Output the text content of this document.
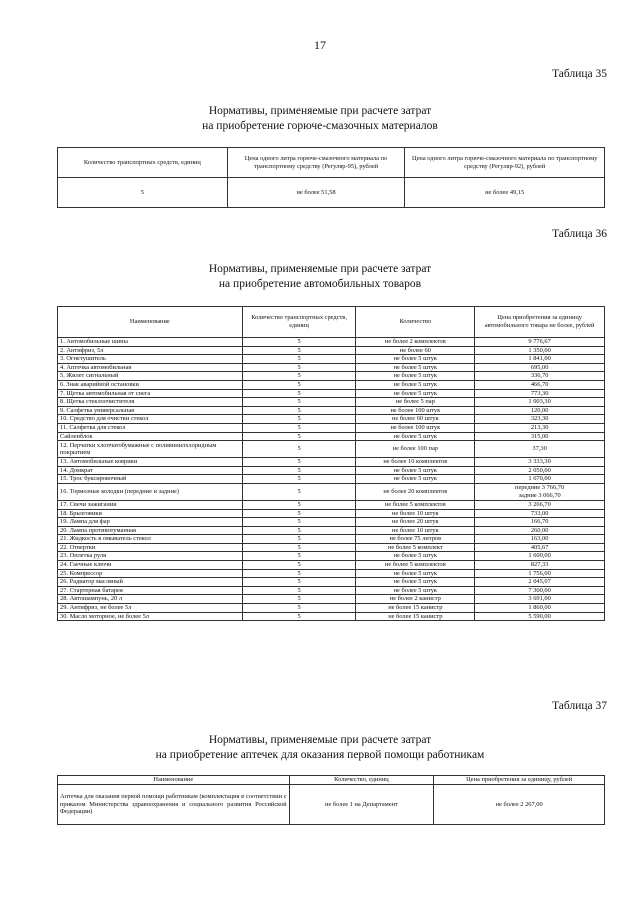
17
Таблица 35
Нормативы, применяемые при расчете затрат
на приобретение горюче-смазочных материалов
Количество транспортных средств, единиц	Цена одного литра горюче-смазочного материала по транспортному средству (Регуляр-95), рублей	Цена одного литра горюче-смазочного материала по транспортному средству (Регуляр-92), рублей
5	не более 51,58	не более 49,15
Таблица 36
Нормативы, применяемые при расчете затрат
на приобретение автомобильных товаров
Наименование	Количество транспортных средств, единиц	Количество	Цена приобретения за единицу автомобильного товара не более, рублей
1. Автомобильные шины	5	не более 2 комплектов	9 776,67
2. Антифриз, 5л	5	не более 60	1 350,00
3. Огнетушитель	5	не более 5 штук	1 841,00
4. Аптечка автомобильная	5	не более 5 штук	695,00
5. Жилет сигнальный	5	не более 5 штук	336,70
6. Знак аварийной остановки	5	не более 5 штук	466,70
7. Щетка автомобильная от снега	5	не более 5 штук	773,30
8. Щетка стеклоочистителя	5	не более 5 пар	1 003,30
9. Салфетка универсальная	5	не более 100 штук	120,00
10. Средство для очистки стекол	5	не более 60 штук	323,30
11. Салфетка для стекол	5	не более 100 штук	213,30
Сайленблок	5	не более 5 штук	315,00
12. Перчатки хлопчатобумажные с поливинилхлоридным покрытием	5	не более 100 пар	37,30
13. Автомобильные коврики	5	не более 10 комплектов	3 333,30
14. Домкрат	5	не более 5 штук	2 050,00
15. Трос буксировочный	5	не более 5 штук	1 670,00
16. Тормозные колодки (передние и задние)	5	не более 20 комплектов	передние 3 766,70
задние 3 066,70
17. Свечи зажигания	5	не более 5 комплектов	3 266,70
18. Брызговики	5	не более 10 штук	733,00
19. Лампа для фар	5	не более 20 штук	166,70
20. Лампа противотуманная	5	не более 10 штук	260,00
21. Жидкость в омыватель стекол	5	не более 75 литров	163,00
22. Отвертки	5	не более 5 комплект	405,67
23. Оплетка руля	5	не более 5 штук	1 600,00
24. Гаечные ключи	5	не более 5 комплектов	827,33
25. Компрессор	5	не более 5 штук	1 756,00
26. Радиатор масляный	5	не более 5 штук	2 045,07
27. Стартерная батарея	5	не более 5 штук	7 300,00
28. Автошампунь, 20 л	5	не более 2 канистр	3 691,00
29. Антифриз, не более 5л	5	не более 15 канистр	1 860,00
30. Масло моторное, не более 5л	5	не более 15 канистр	5 590,00
Таблица 37
Нормативы, применяемые при расчете затрат
на приобретение аптечек для оказания первой помощи работникам
Наименование	Количество, единиц	Цена приобретения за единицу, рублей
Аптечка для оказания первой помощи работникам (комплектация в соответствии с приказом Министерства здравоохранения и социального развития Российской Федерации)	не более 1 на Департамент	не более 2 267,00
